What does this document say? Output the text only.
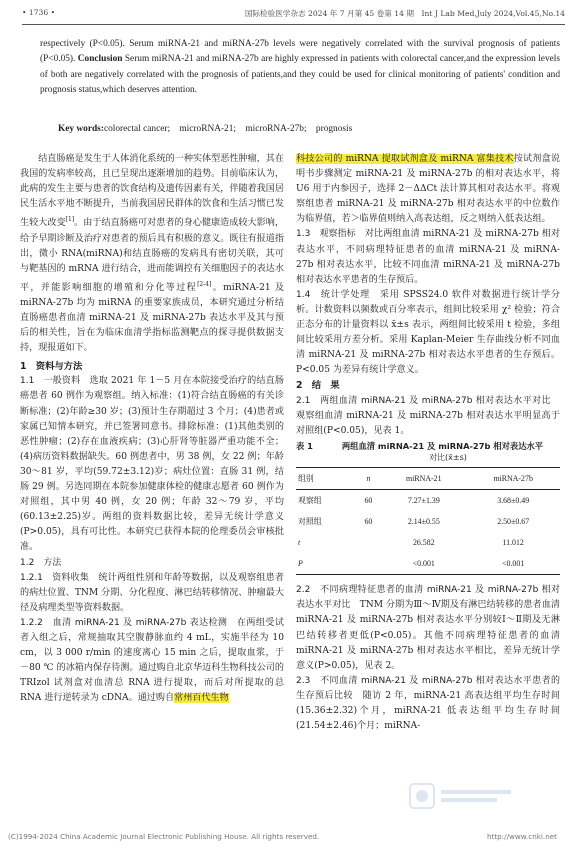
• 1736 •	国际检验医学杂志 2024 年 7 月第 45 卷第 14 期　Int J Lab Med,July 2024,Vol.45,No.14

respectively (P<0.05). Serum miRNA-21 and miRNA-27b levels were negatively correlated with the survival prognosis of patients (P<0.05). Conclusion Serum miRNA-21 and miRNA-27b are highly expressed in patients with colorectal cancer,and the expression levels of both are negatively correlated with the prognosis of patients,and they could be used for clinical monitoring of patients' condition and prognosis status,which deserves attention.

Key words:colorectal cancer;　microRNA-21;　microRNA-27b;　prognosis

结直肠癌是发生于人体消化系统的一种实体型恶性肿瘤，其在我国的发病率较高，且已呈现出逐渐增加的趋势。目前临床认为，此病的发生主要与患者的饮食结构及遗传因素有关，伴随着我国居民生活水平地不断提升，当前我国居民群体的饮食和生活习惯已发生较大改变[1]。由于结直肠癌可对患者的身心健康造成较大影响，给予早期诊断及治疗对患者的预后具有积极的意义。既往有报道指出，微小 RNA(miRNA)和结直肠癌的发病具有密切关联，其可与靶基因的 mRNA 进行结合，进而能调控有关细胞因子的表达水平，并能影响细胞的增殖和分化等过程[2-4]。miRNA-21 及 miRNA-27b 均为 miRNA 的重要家族成员，本研究通过分析结直肠癌患者血清 miRNA-21 及 miRNA-27b 表达水平及其与预后的相关性，旨在为临床血清学指标监测靶点的探寻提供数据支持，现报道如下。

1　资料与方法

1.1　一般资料　选取 2021 年 1－5 月在本院接受治疗的结直肠癌患者 60 例作为观察组。纳入标准：(1)符合结直肠癌的有关诊断标准；(2)年龄≥30 岁；(3)预计生存期超过 3 个月；(4)患者或家属已知情本研究，并已签署同意书。排除标准：(1)其他类别的恶性肿瘤；(2)存在血液疾病；(3)心肝肾等脏器严重功能不全；(4)病历资料数据缺失。60 例患者中，男 38 例，女 22 例；年龄 30～81 岁，平均(59.72±3.12)岁；病灶位置：直肠 31 例，结肠 29 例。另选同期在本院参加健康体检的健康志愿者 60 例作为对照组，其中男 40 例，女 20 例；年龄 32～79 岁，平均(60.13±2.25)岁。两组的资料数据比较，差异无统计学意义(P>0.05)，具有可比性。本研究已获得本院的伦理委员会审核批准。

1.2　方法

1.2.1　资料收集　统计两组性别和年龄等数据，以及观察组患者的病灶位置、TNM 分期、分化程度、淋巴结转移情况、肿瘤最大径及病理类型等资料数据。

1.2.2　血清 miRNA-21 及 miRNA-27b 表达检测　在两组受试者入组之后，常规抽取其空腹静脉血约 4 mL，实施半径为 10 cm，以 3 000 r/min 的速度离心 15 min 之后，提取血浆，于 －80 ℃ 的冰箱内保存待测。通过购自北京华迈科生物科技公司的 TRIzol 试剂盒对血清总 RNA 进行提取，而后对所提取的总 RNA 进行逆转录为 cDNA。通过购自常州百代生物

科技公司的 miRNA 提取试剂盒及 miRNA 富集技术按试剂盒说明书步骤测定 miRNA-21 及 miRNA-27b 的相对表达水平，将 U6 用于内参因子，选择 2－ΔΔCt 法计算其相对表达水平。将观察组患者 miRNA-21 及 miRNA-27b 相对表达水平的中位数作为临界值，若＞临界值则纳入高表达组，反之则纳入低表达组。

1.3　观察指标　对比两组血清 miRNA-21 及 miRNA-27b 相对表达水平，不同病理特征患者的血清 miRNA-21 及 miRNA-27b 相对表达水平，比较不同血清 miRNA-21 及 miRNA-27b 相对表达水平患者的生存预后。

1.4　统计学处理　采用 SPSS24.0 软件对数据进行统计学分析。计数资料以频数或百分率表示，组间比较采用 χ² 检验；符合正态分布的计量资料以 x̄±s 表示，两组间比较采用 t 检验，多组间比较采用方差分析。采用 Kaplan-Meier 生存曲线分析不同血清 miRNA-21 及 miRNA-27b 相对表达水平患者的生存预后。P<0.05 为差异有统计学意义。

2　结　果

2.1　两组血清 miRNA-21 及 miRNA-27b 相对表达水平对比　观察组血清 miRNA-21 及 miRNA-27b 相对表达水平明显高于对照组(P<0.05)，见表 1。

表 1	两组血清 miRNA-21 及 miRNA-27b 相对表达水平
对比(x̄±s)
组别	n	miRNA-21	miRNA-27b
观察组	60	7.27±1.39	3.68±0.49
对照组	60	2.14±0.55	2.50±0.67
t		26.582	11.012
P		<0.001	<0.001

2.2　不同病理特征患者的血清 miRNA-21 及 miRNA-27b 相对表达水平对比　TNM 分期为Ⅲ～Ⅳ期及有淋巴结转移的患者血清 miRNA-21 及 miRNA-27b 相对表达水平分别较Ⅰ～Ⅱ期及无淋巴结转移者更低(P<0.05)。其他不同病理特征患者的血清 miRNA-21 及 miRNA-27b 相对表达水平相比，差异无统计学意义(P>0.05)，见表 2。

2.3　不同血清 miRNA-21 及 miRNA-27b 相对表达水平患者的生存预后比较　随访 2 年，miRNA-21 高表达组平均生存时间(15.36±2.32)个月，miRNA-21 低表达组平均生存时间(21.54±2.46)个月；miRNA-

(C)1994-2024 China Academic Journal Electronic Publishing House. All rights reserved.	http://www.cnki.net
